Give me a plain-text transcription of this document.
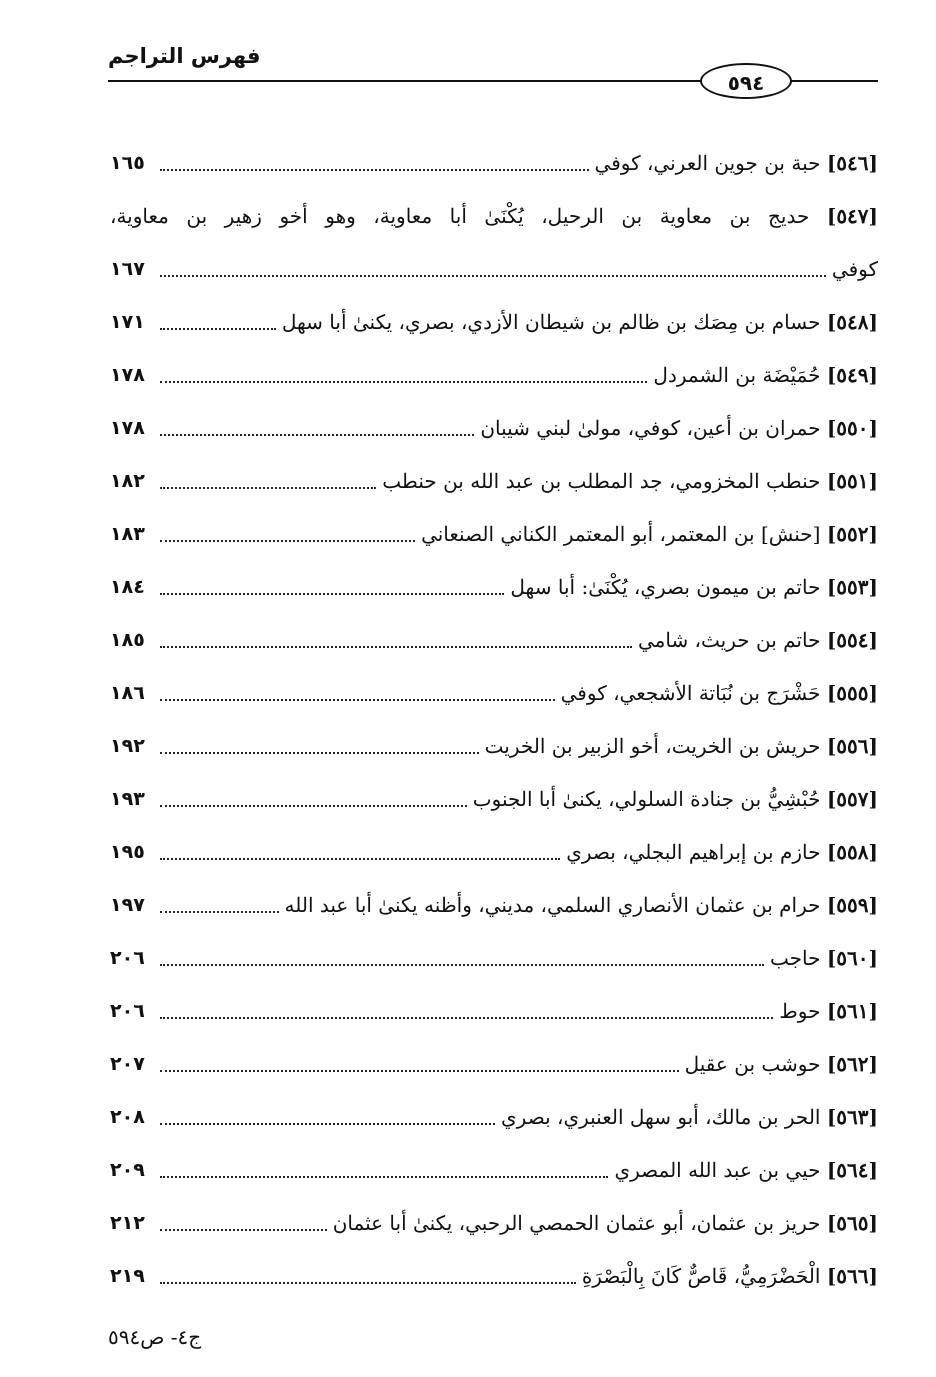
فهرس التراجم
٥٩٤
[٥٤٦] حبة بن جوين العرني، كوفي
١٦٥
[٥٤٧] حديج بن معاوية بن الرحيل، يُكْنَىٰ أبا معاوية، وهو أخو زهير بن معاوية،
كوفي
١٦٧
[٥٤٨] حسام بن مِصَك بن ظالم بن شيطان الأزدي، بصري، يكنىٰ أبا سهل
١٧١
[٥٤٩] حُمَيْضَة بن الشمردل
١٧٨
[٥٥٠] حمران بن أعين، كوفي، مولىٰ لبني شيبان
١٧٨
[٥٥١] حنطب المخزومي، جد المطلب بن عبد الله بن حنطب
١٨٢
[٥٥٢] [حنش] بن المعتمر، أبو المعتمر الكناني الصنعاني
١٨٣
[٥٥٣] حاتم بن ميمون بصري، يُكْنَىٰ: أبا سهل
١٨٤
[٥٥٤] حاتم بن حريث، شامي
١٨٥
[٥٥٥] حَشْرَج بن نُبَاتة الأشجعي، كوفي
١٨٦
[٥٥٦] حريش بن الخريت، أخو الزبير بن الخريت
١٩٢
[٥٥٧] حُبْشِيُّ بن جنادة السلولي، يكنىٰ أبا الجنوب
١٩٣
[٥٥٨] حازم بن إبراهيم البجلي، بصري
١٩٥
[٥٥٩] حرام بن عثمان الأنصاري السلمي، مديني، وأظنه يكنىٰ أبا عبد الله
١٩٧
[٥٦٠] حاجب
٢٠٦
[٥٦١] حوط
٢٠٦
[٥٦٢] حوشب بن عقيل
٢٠٧
[٥٦٣] الحر بن مالك، أبو سهل العنبري، بصري
٢٠٨
[٥٦٤] حيي بن عبد الله المصري
٢٠٩
[٥٦٥] حريز بن عثمان، أبو عثمان الحمصي الرحبي، يكنىٰ أبا عثمان
٢١٢
[٥٦٦] الْحَضْرَمِيُّ، قَاصٌّ كَانَ بِالْبَصْرَةِ
٢١٩
ج٤- ص٥٩٤
